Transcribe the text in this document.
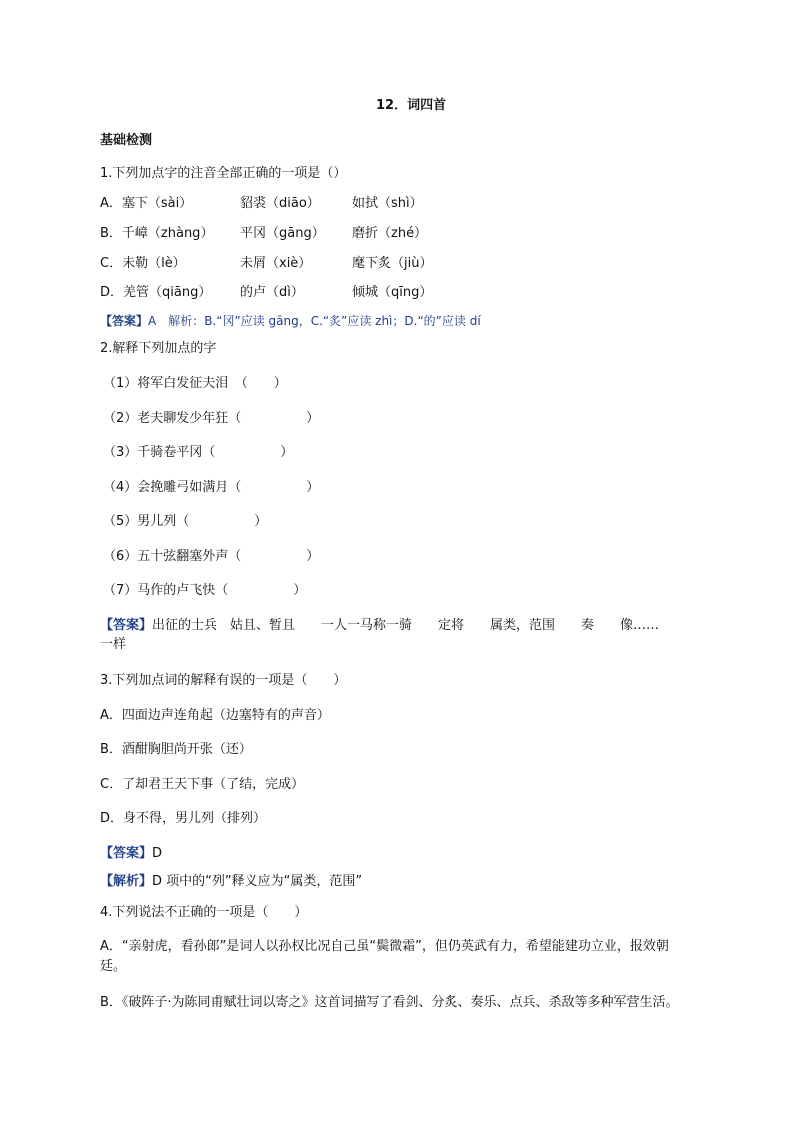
12．词四首
基础检测
1.下列加点字的注音全部正确的一项是（）
A．塞下（sài）	貂裘（diāo） 如拭（shì）
B．千嶂（zhàng） 平冈（gāng） 磨折（zhé）
C．未勒（lè）	未屑（xiè）	麾下炙（jiù）
D．羌管（qiāng） 的卢（dì）	倾城（qīng）
【答案】A　解析：B.“冈”应读 gāng，C.“炙”应读 zhì；D.“的”应读 dí
2.解释下列加点的字
（1）将军白发征夫泪　（　　）
（2）老夫聊发少年狂（　　　　　）
（3）千骑卷平冈（　　　　　）
（4）会挽雕弓如满月（　　　　　）
（5）男儿列（　　　　　）
（6）五十弦翻塞外声（　　　　　）
（7）马作的卢飞快（　　　　　）
【答案】出征的士兵　姑且、暂且　　一人一马称一骑　　定将　　属类，范围　　奏　　像……
一样
3.下列加点词的解释有误的一项是（　　）
A．四面边声连角起（边塞特有的声音）
B．酒酣胸胆尚开张（还）
C．了却君王天下事（了结，完成）
D．身不得，男儿列（排列）
【答案】D
【解析】D 项中的“列”释义应为“属类，范围”
4.下列说法不正确的一项是（　　）
A．“亲射虎，看孙郎”是词人以孙权比况自己虽“鬓微霜”，但仍英武有力，希望能建功立业，报效朝
廷。
B．《破阵子·为陈同甫赋壮词以寄之》这首词描写了看剑、分炙、奏乐、点兵、杀敌等多种军营生活。
